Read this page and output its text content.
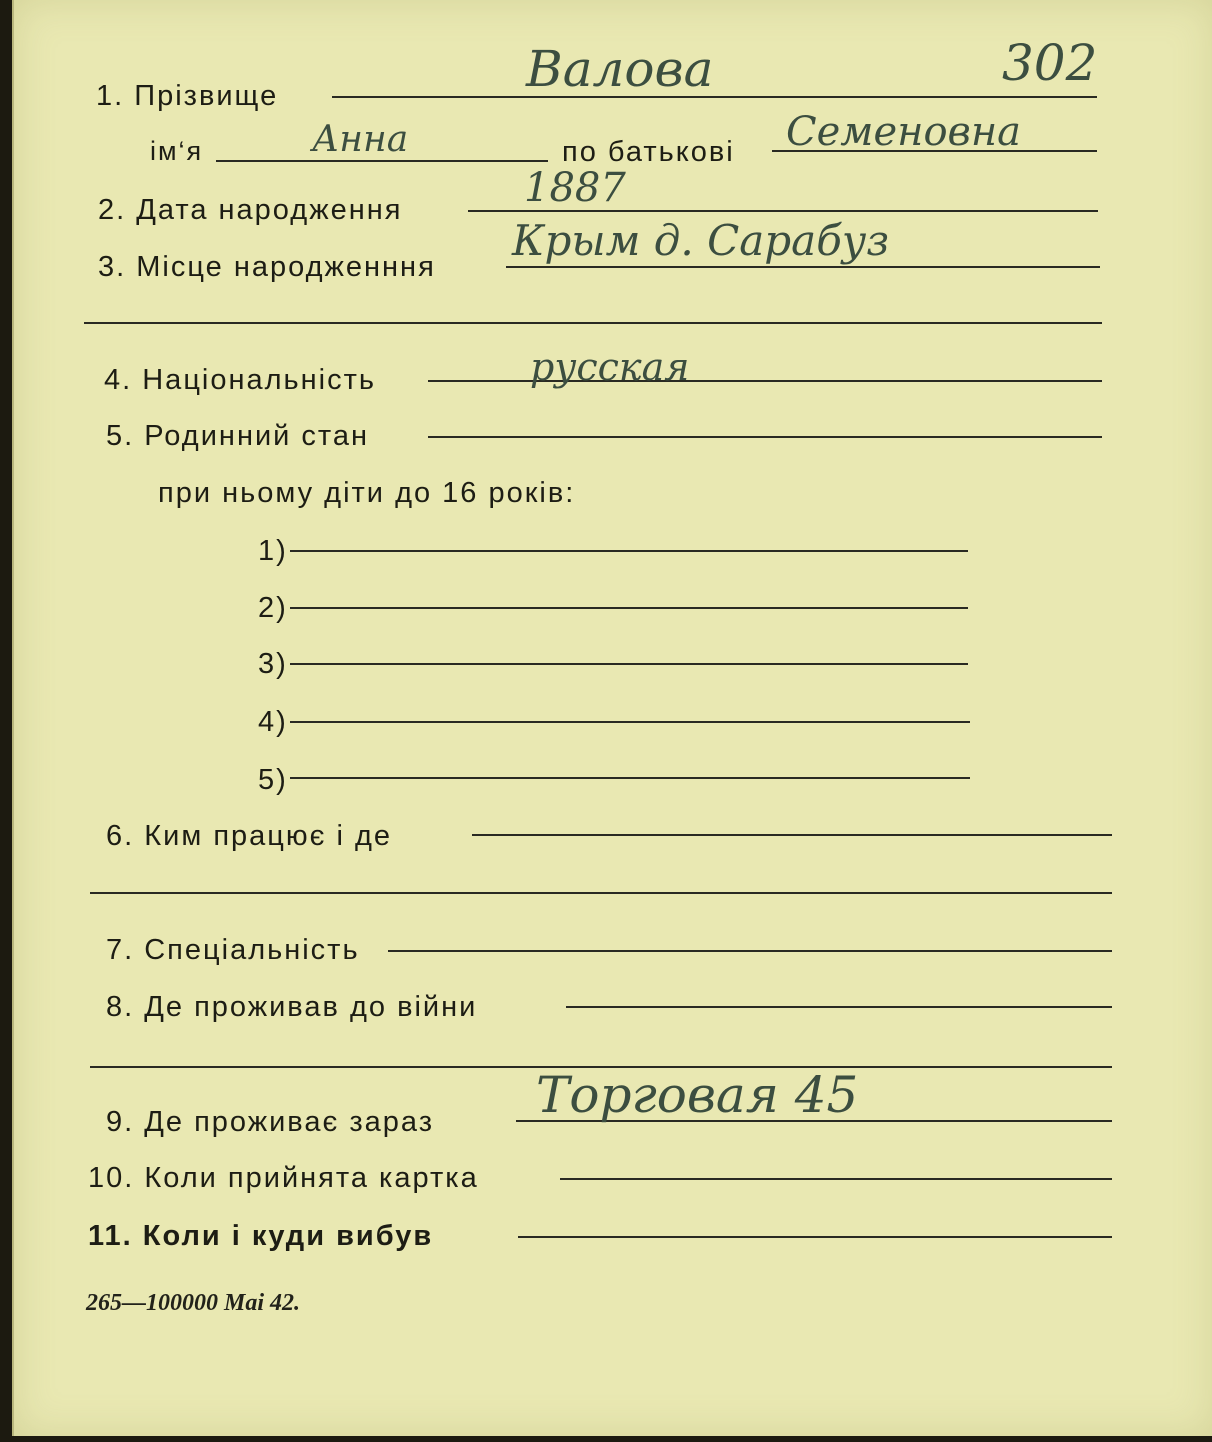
302
1. Прізвище	Валова
ім‘я	Анна	по батькові Семеновна
2. Дата народження	1887
3. Місце народженння
Крым д. Сарабуз
4. Національність	русская
5. Родинний стан
при ньому діти до 16 років:
1)
2)
3)
4)
5)
6. Ким працює і де
7. Спеціальність
8. Де проживав до війни
9. Де проживає зараз Торговая 45
10. Коли прийнята картка
11. Коли і куди вибув
265—100000 Mai 42.
